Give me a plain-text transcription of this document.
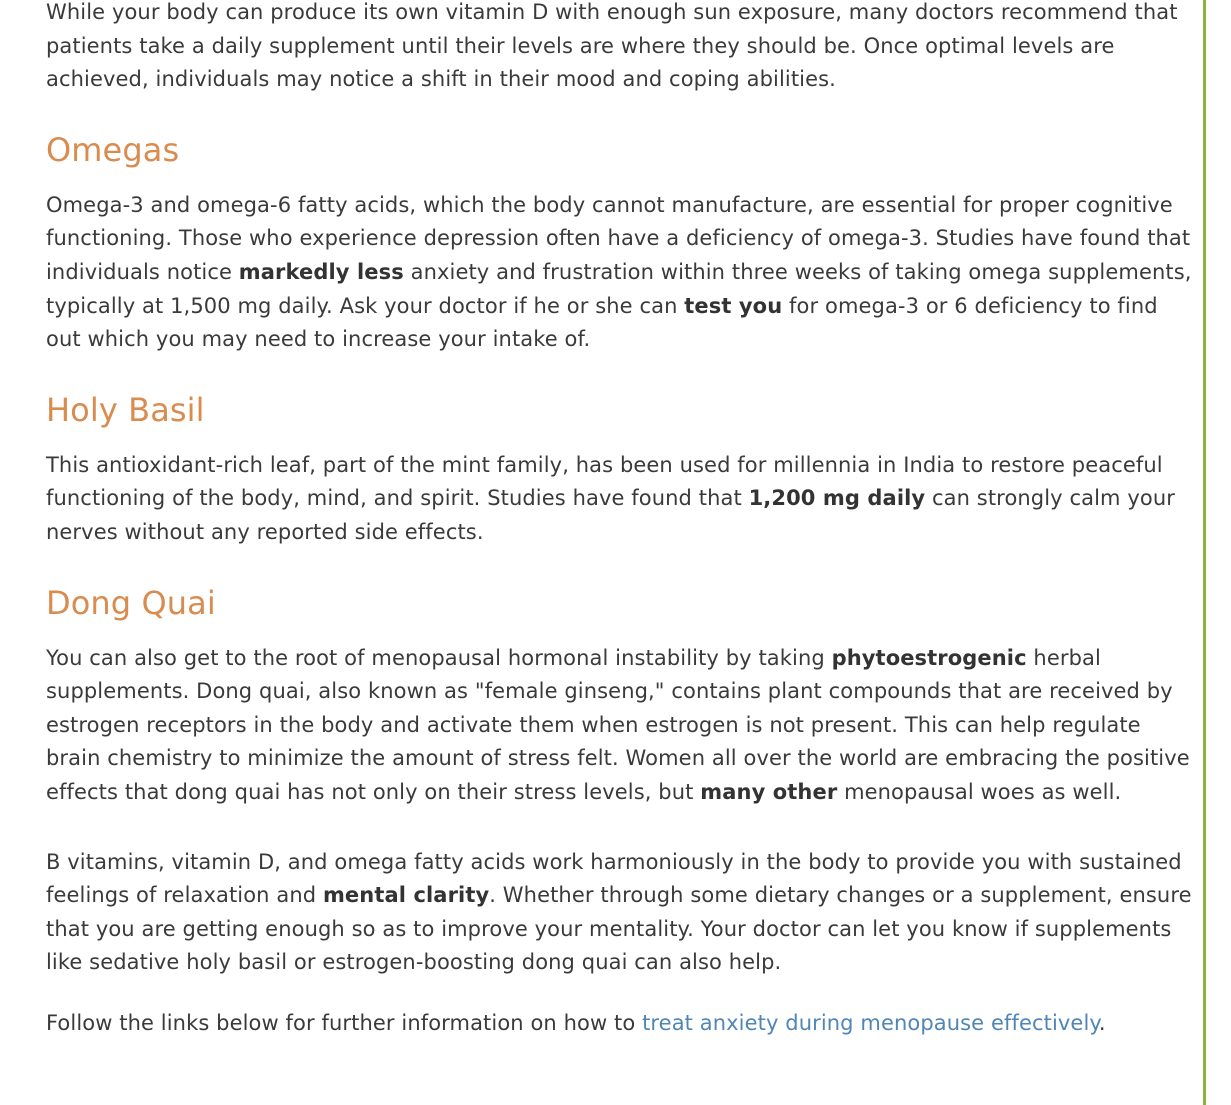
While your body can produce its own vitamin D with enough sun exposure, many doctors recommend that patients take a daily supplement until their levels are where they should be. Once optimal levels are achieved, individuals may notice a shift in their mood and coping abilities.

Omegas

Omega-3 and omega-6 fatty acids, which the body cannot manufacture, are essential for proper cognitive functioning. Those who experience depression often have a deficiency of omega-3. Studies have found that individuals notice markedly less anxiety and frustration within three weeks of taking omega supplements, typically at 1,500 mg daily. Ask your doctor if he or she can test you for omega-3 or 6 deficiency to find out which you may need to increase your intake of.

Holy Basil

This antioxidant-rich leaf, part of the mint family, has been used for millennia in India to restore peaceful functioning of the body, mind, and spirit. Studies have found that 1,200 mg daily can strongly calm your nerves without any reported side effects.

Dong Quai

You can also get to the root of menopausal hormonal instability by taking phytoestrogenic herbal supplements. Dong quai, also known as "female ginseng," contains plant compounds that are received by estrogen receptors in the body and activate them when estrogen is not present. This can help regulate brain chemistry to minimize the amount of stress felt. Women all over the world are embracing the positive effects that dong quai has not only on their stress levels, but many other menopausal woes as well.

B vitamins, vitamin D, and omega fatty acids work harmoniously in the body to provide you with sustained feelings of relaxation and mental clarity. Whether through some dietary changes or a supplement, ensure that you are getting enough so as to improve your mentality. Your doctor can let you know if supplements like sedative holy basil or estrogen-boosting dong quai can also help.

Follow the links below for further information on how to treat anxiety during menopause effectively.
